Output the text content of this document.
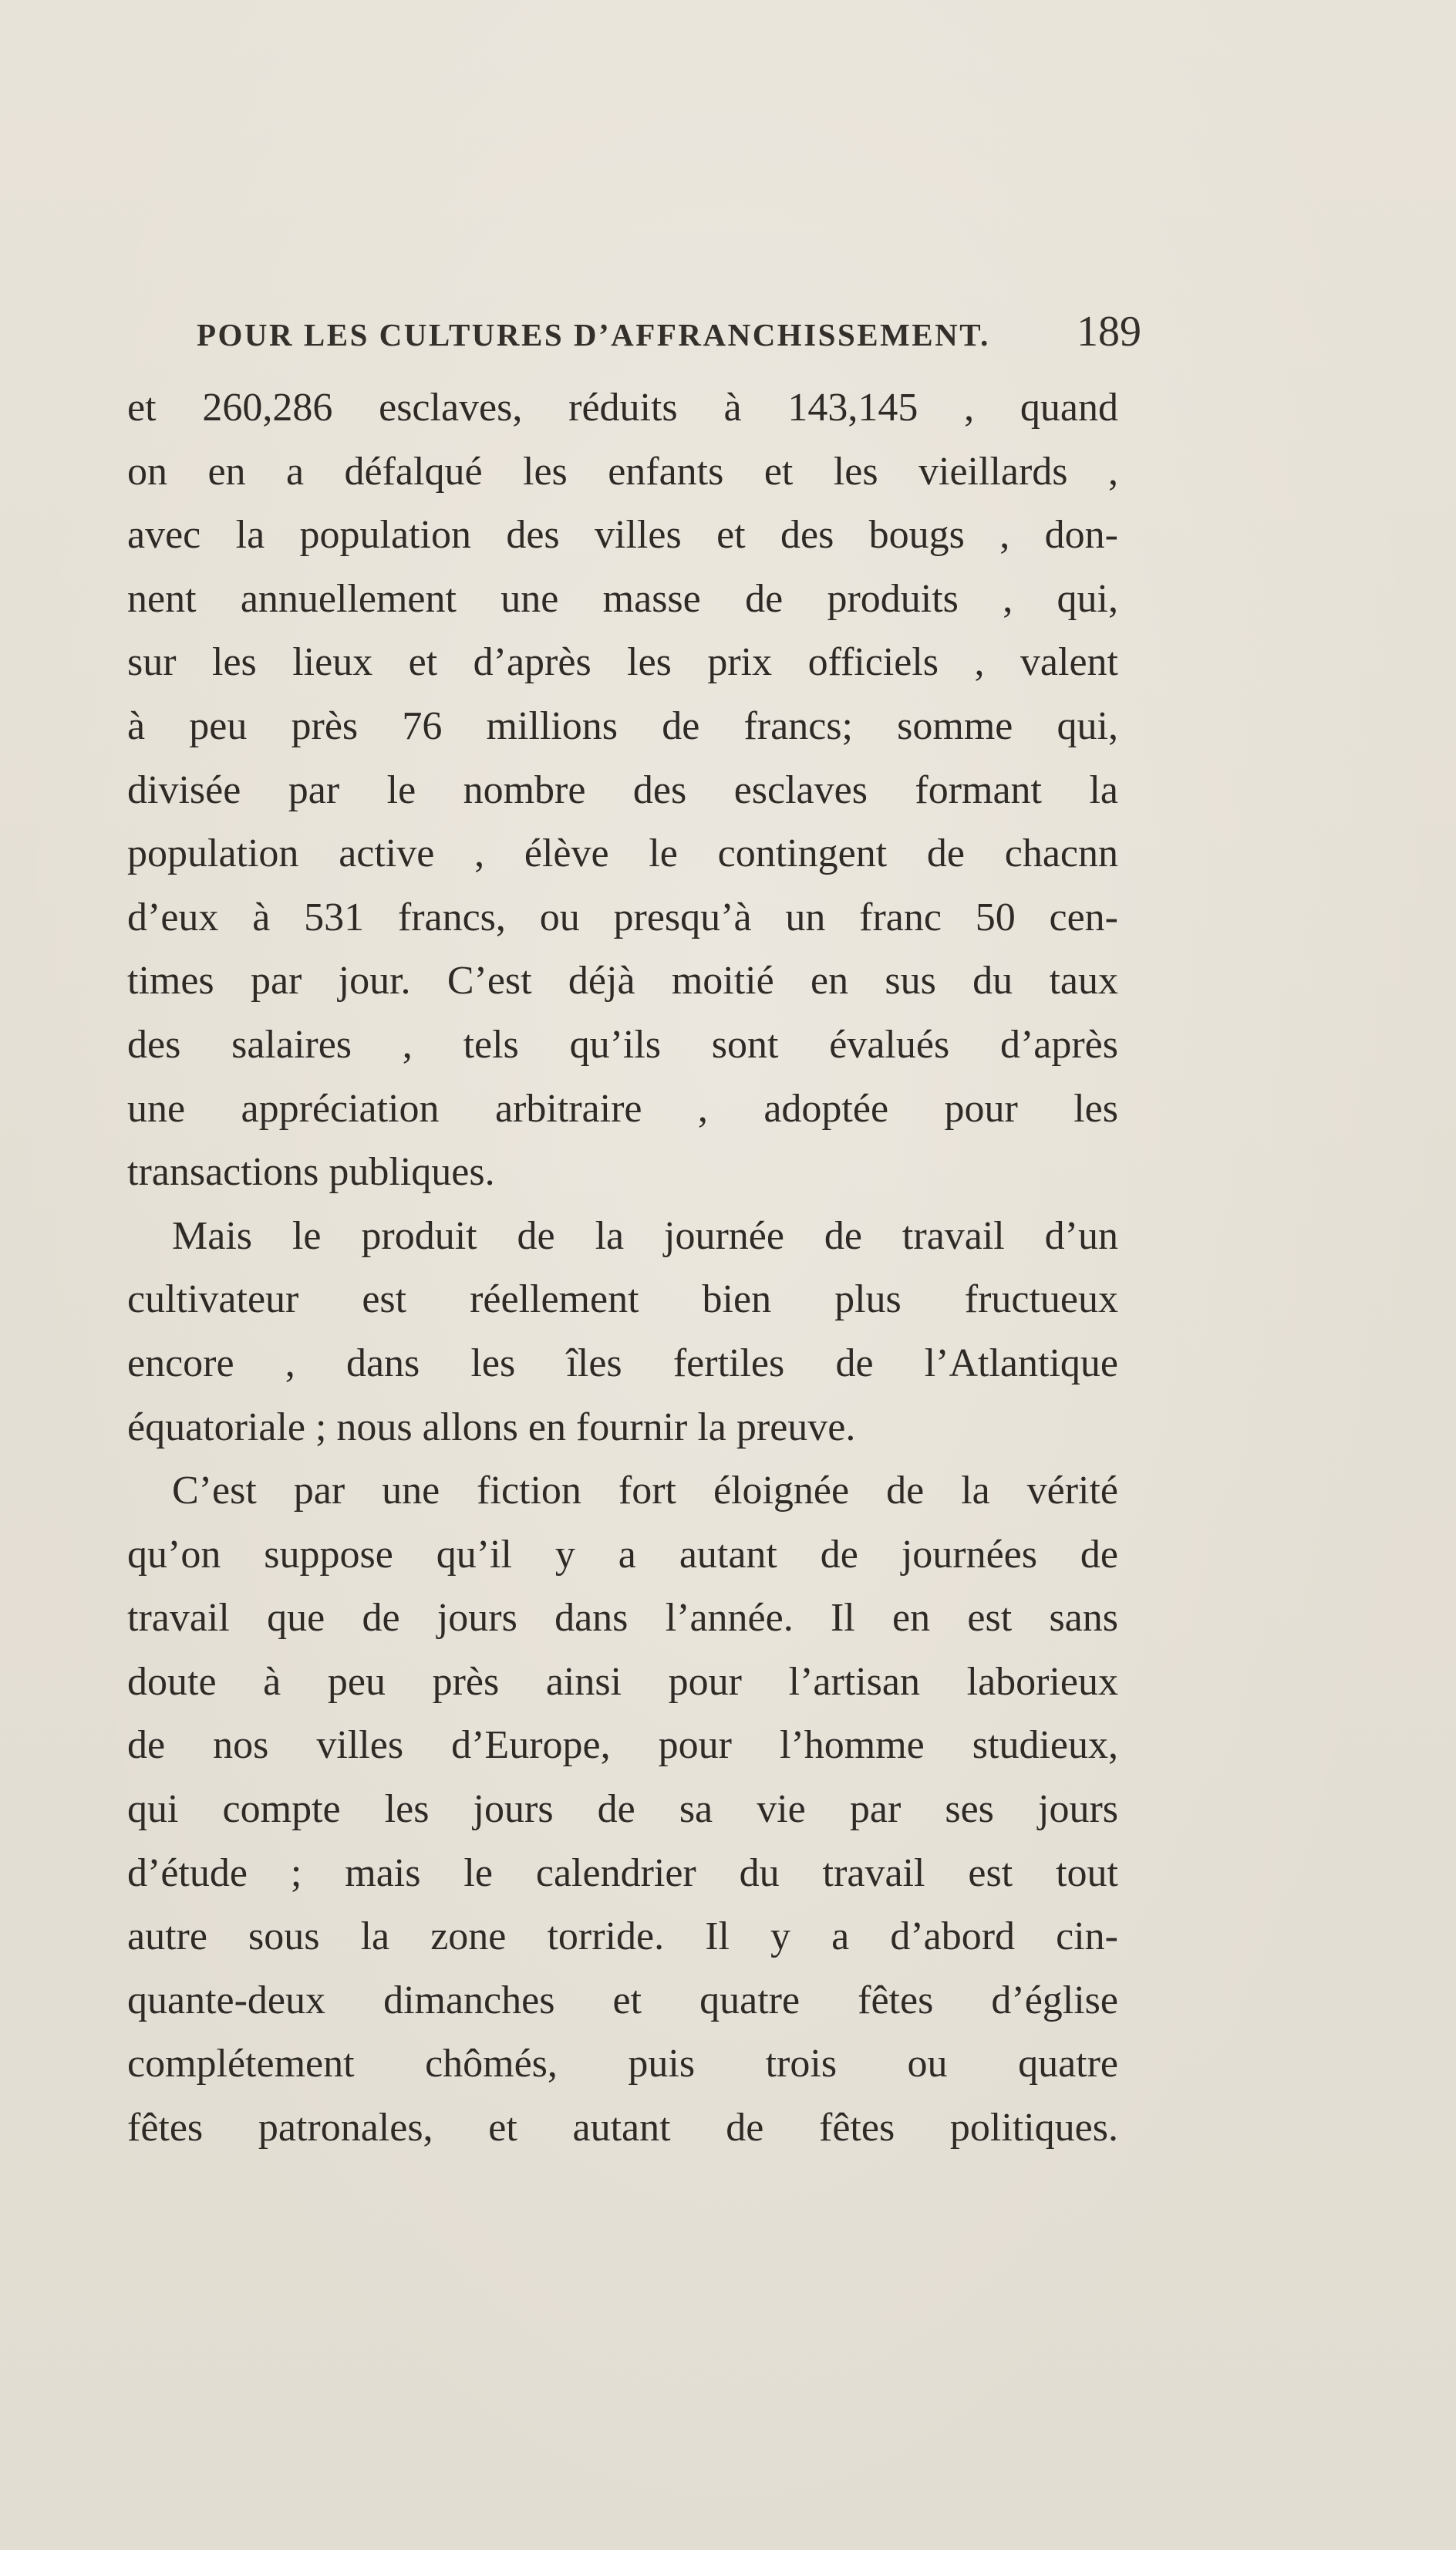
POUR LES CULTURES D’AFFRANCHISSEMENT. 189
et 260,286 esclaves, réduits à 143,145 , quand
on en a défalqué les enfants et les vieillards ,
avec la population des villes et des bougs , don-
nent annuellement une masse de produits , qui,
sur les lieux et d’après les prix officiels , valent
à peu près 76 millions de francs; somme qui,
divisée par le nombre des esclaves formant la
population active , élève le contingent de chacnn
d’eux à 531 francs, ou presqu’à un franc 50 cen-
times par jour. C’est déjà moitié en sus du taux
des salaires , tels qu’ils sont évalués d’après
une appréciation arbitraire , adoptée pour les
transactions publiques.
Mais le produit de la journée de travail d’un
cultivateur est réellement bien plus fructueux
encore , dans les îles fertiles de l’Atlantique
équatoriale ; nous allons en fournir la preuve.
C’est par une fiction fort éloignée de la vérité
qu’on suppose qu’il y a autant de journées de
travail que de jours dans l’année. Il en est sans
doute à peu près ainsi pour l’artisan laborieux
de nos villes d’Europe, pour l’homme studieux,
qui compte les jours de sa vie par ses jours
d’étude ; mais le calendrier du travail est tout
autre sous la zone torride. Il y a d’abord cin-
quante-deux dimanches et quatre fêtes d’église
complétement chômés, puis trois ou quatre
fêtes patronales, et autant de fêtes politiques.
